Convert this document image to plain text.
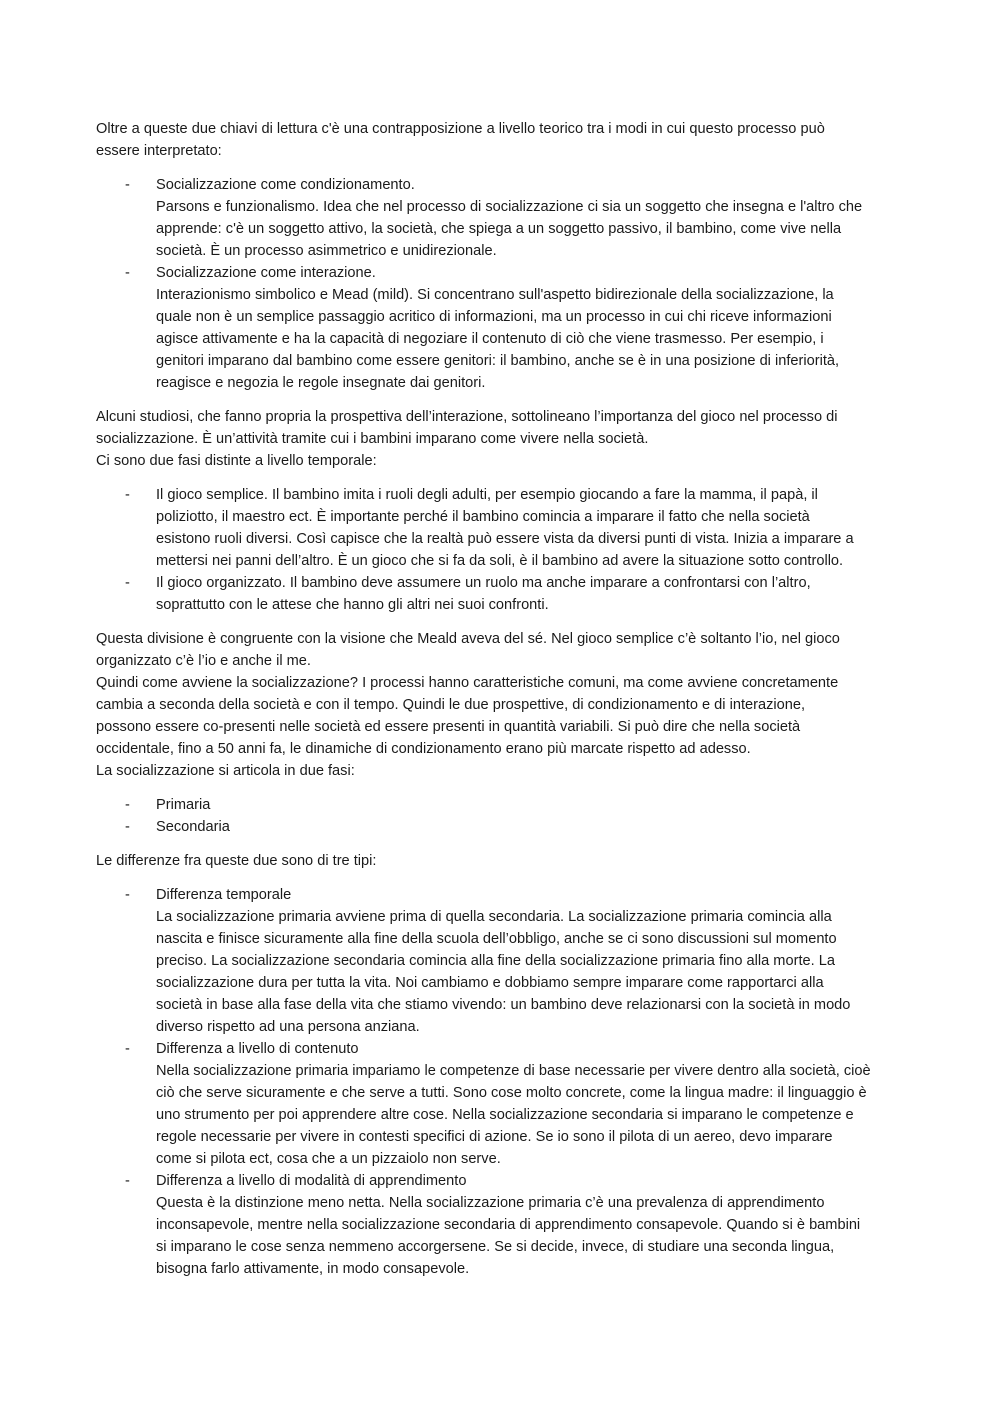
Oltre a queste due chiavi di lettura c'è una contrapposizione a livello teorico tra i modi in cui questo processo può
essere interpretato:
- Socializzazione come condizionamento.
Parsons e funzionalismo. Idea che nel processo di socializzazione ci sia un soggetto che insegna e l'altro che
apprende: c'è un soggetto attivo, la società, che spiega a un soggetto passivo, il bambino, come vive nella
società. È un processo asimmetrico e unidirezionale.
- Socializzazione come interazione.
Interazionismo simbolico e Mead (mild). Si concentrano sull'aspetto bidirezionale della socializzazione, la
quale non è un semplice passaggio acritico di informazioni, ma un processo in cui chi riceve informazioni
agisce attivamente e ha la capacità di negoziare il contenuto di ciò che viene trasmesso. Per esempio, i
genitori imparano dal bambino come essere genitori: il bambino, anche se è in una posizione di inferiorità,
reagisce e negozia le regole insegnate dai genitori.
Alcuni studiosi, che fanno propria la prospettiva dell’interazione, sottolineano l’importanza del gioco nel processo di
socializzazione. È un’attività tramite cui i bambini imparano come vivere nella società.
Ci sono due fasi distinte a livello temporale:
- Il gioco semplice. Il bambino imita i ruoli degli adulti, per esempio giocando a fare la mamma, il papà, il
poliziotto, il maestro ect. È importante perché il bambino comincia a imparare il fatto che nella società
esistono ruoli diversi. Così capisce che la realtà può essere vista da diversi punti di vista. Inizia a imparare a
mettersi nei panni dell’altro. È un gioco che si fa da soli, è il bambino ad avere la situazione sotto controllo.
- Il gioco organizzato. Il bambino deve assumere un ruolo ma anche imparare a confrontarsi con l’altro,
soprattutto con le attese che hanno gli altri nei suoi confronti.
Questa divisione è congruente con la visione che Meald aveva del sé. Nel gioco semplice c’è soltanto l’io, nel gioco
organizzato c’è l’io e anche il me.
Quindi come avviene la socializzazione? I processi hanno caratteristiche comuni, ma come avviene concretamente
cambia a seconda della società e con il tempo. Quindi le due prospettive, di condizionamento e di interazione,
possono essere co-presenti nelle società ed essere presenti in quantità variabili. Si può dire che nella società
occidentale, fino a 50 anni fa, le dinamiche di condizionamento erano più marcate rispetto ad adesso.
La socializzazione si articola in due fasi:
- Primaria
- Secondaria
Le differenze fra queste due sono di tre tipi:
- Differenza temporale
La socializzazione primaria avviene prima di quella secondaria. La socializzazione primaria comincia alla
nascita e finisce sicuramente alla fine della scuola dell’obbligo, anche se ci sono discussioni sul momento
preciso. La socializzazione secondaria comincia alla fine della socializzazione primaria fino alla morte. La
socializzazione dura per tutta la vita. Noi cambiamo e dobbiamo sempre imparare come rapportarci alla
società in base alla fase della vita che stiamo vivendo: un bambino deve relazionarsi con la società in modo
diverso rispetto ad una persona anziana.
- Differenza a livello di contenuto
Nella socializzazione primaria impariamo le competenze di base necessarie per vivere dentro alla società, cioè
ciò che serve sicuramente e che serve a tutti. Sono cose molto concrete, come la lingua madre: il linguaggio è
uno strumento per poi apprendere altre cose. Nella socializzazione secondaria si imparano le competenze e
regole necessarie per vivere in contesti specifici di azione. Se io sono il pilota di un aereo, devo imparare
come si pilota ect, cosa che a un pizzaiolo non serve.
- Differenza a livello di modalità di apprendimento
Questa è la distinzione meno netta. Nella socializzazione primaria c’è una prevalenza di apprendimento
inconsapevole, mentre nella socializzazione secondaria di apprendimento consapevole. Quando si è bambini
si imparano le cose senza nemmeno accorgersene. Se si decide, invece, di studiare una seconda lingua,
bisogna farlo attivamente, in modo consapevole.
